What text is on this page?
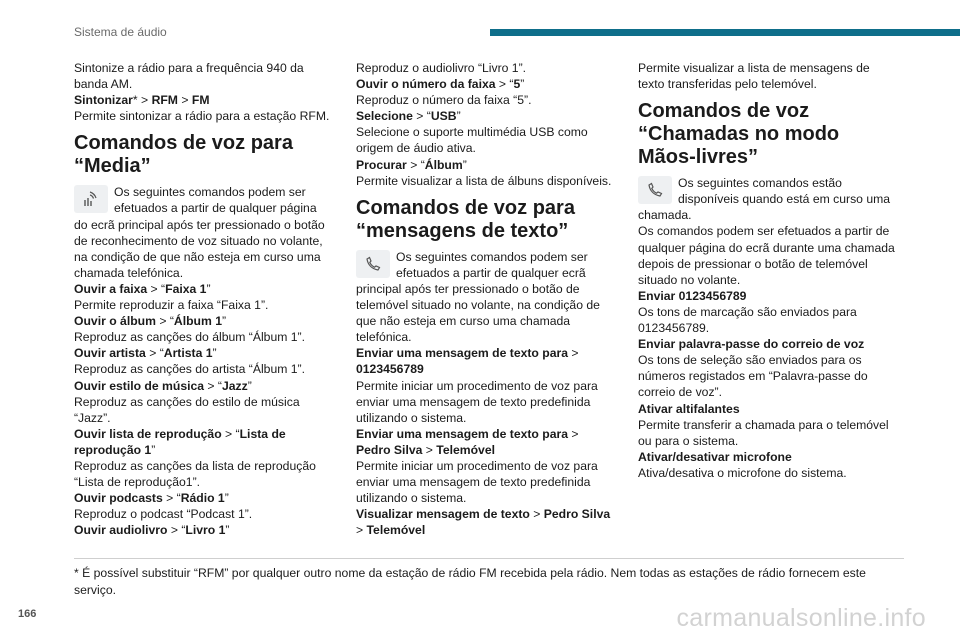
Sistema de áudio

Sintonize a rádio para a frequência 940 da banda AM.

Sintonizar* > RFM > FM

Permite sintonizar a rádio para a estação RFM.

Comandos de voz para “Media”

Os seguintes comandos podem ser efetuados a partir de qualquer página do ecrã principal após ter pressionado o botão de reconhecimento de voz situado no volante, na condição de que não esteja em curso uma chamada telefónica.

Ouvir a faixa > “Faixa 1”

Permite reproduzir a faixa “Faixa 1”.

Ouvir o álbum > “Álbum 1”

Reproduz as canções do álbum “Álbum 1”.

Ouvir artista > “Artista 1”

Reproduz as canções do artista “Álbum 1”.

Ouvir estilo de música > “Jazz”

Reproduz as canções do estilo de música “Jazz”.

Ouvir lista de reprodução > “Lista de reprodução 1”

Reproduz as canções da lista de reprodução “Lista de reprodução1”.

Ouvir podcasts > “Rádio 1”

Reproduz o podcast “Podcast 1”.

Ouvir audiolivro > “Livro 1”

Reproduz o audiolivro “Livro 1”.

Ouvir o número da faixa > “5”

Reproduz o número da faixa “5”.

Selecione > “USB”

Selecione o suporte multimédia USB como origem de áudio ativa.

Procurar > “Álbum”

Permite visualizar a lista de álbuns disponíveis.

Comandos de voz para “mensagens de texto”

Os seguintes comandos podem ser efetuados a partir de qualquer ecrã principal após ter pressionado o botão de telemóvel situado no volante, na condição de que não esteja em curso uma chamada telefónica.

Enviar uma mensagem de texto para > 0123456789

Permite iniciar um procedimento de voz para enviar uma mensagem de texto predefinida utilizando o sistema.

Enviar uma mensagem de texto para > Pedro Silva > Telemóvel

Permite iniciar um procedimento de voz para enviar uma mensagem de texto predefinida utilizando o sistema.

Visualizar mensagem de texto > Pedro Silva > Telemóvel

Permite visualizar a lista de mensagens de texto transferidas pelo telemóvel.

Comandos de voz “Chamadas no modo Mãos-livres”

Os seguintes comandos estão disponíveis quando está em curso uma chamada.

Os comandos podem ser efetuados a partir de qualquer página do ecrã durante uma chamada depois de pressionar o botão de telemóvel situado no volante.

Enviar 0123456789

Os tons de marcação são enviados para 0123456789.

Enviar palavra-passe do correio de voz

Os tons de seleção são enviados para os números registados em “Palavra-passe do correio de voz”.

Ativar altifalantes

Permite transferir a chamada para o telemóvel ou para o sistema.

Ativar/desativar microfone

Ativa/desativa o microfone do sistema.

* É possível substituir “RFM” por qualquer outro nome da estação de rádio FM recebida pela rádio. Nem todas as estações de rádio fornecem este serviço.
166	carmanualsonline.info
